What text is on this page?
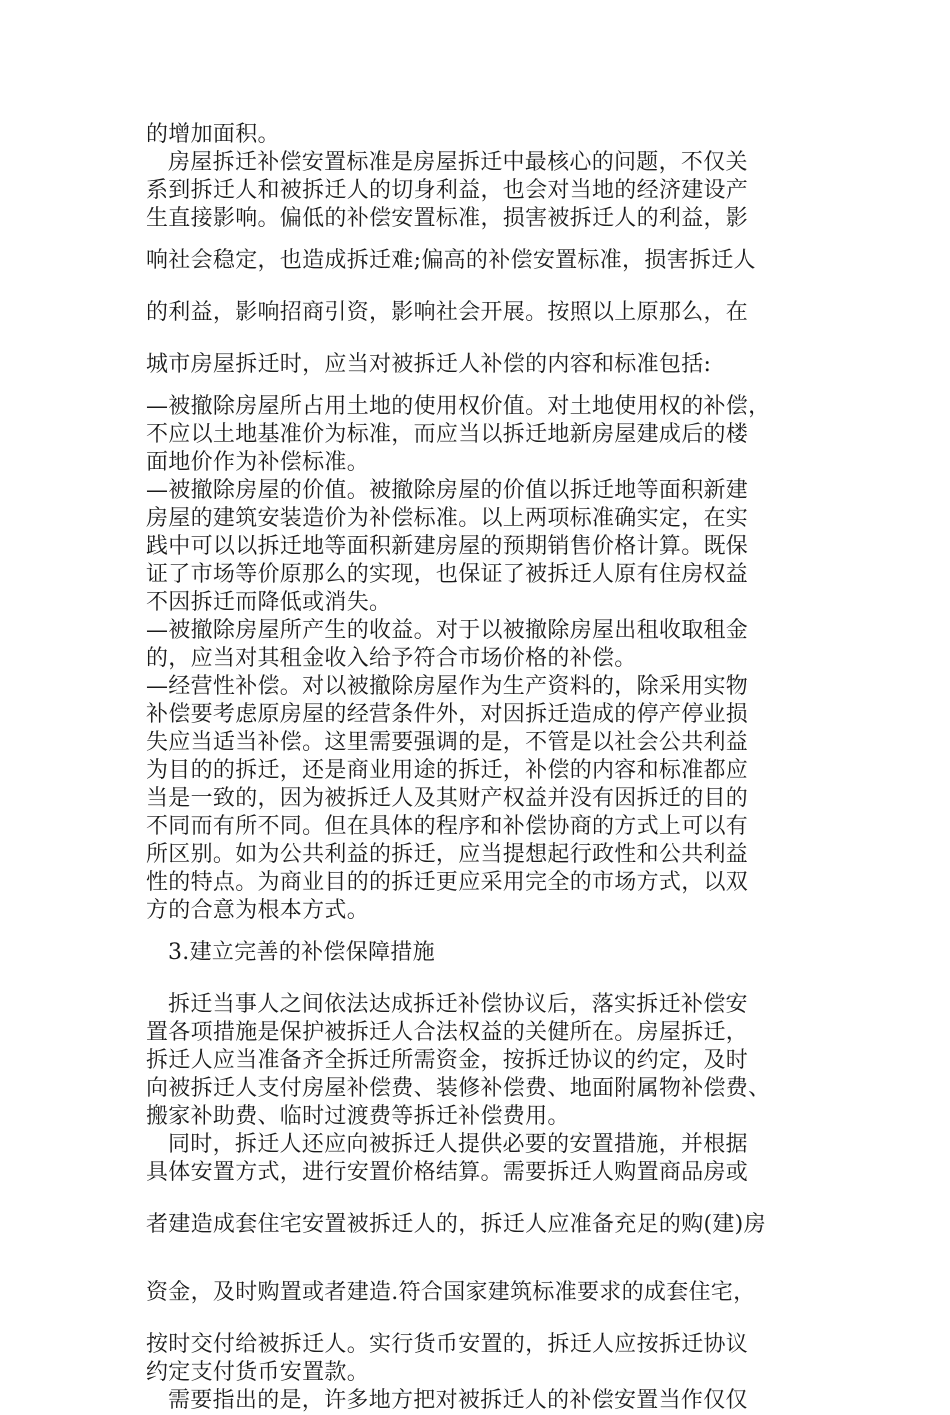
的增加面积。
房屋拆迁补偿安置标准是房屋拆迁中最核心的问题，不仅关
系到拆迁人和被拆迁人的切身利益，也会对当地的经济建设产
生直接影响。偏低的补偿安置标准，损害被拆迁人的利益，影
响社会稳定，也造成拆迁难;偏高的补偿安置标准，损害拆迁人
的利益，影响招商引资，影响社会开展。按照以上原那么，在
城市房屋拆迁时，应当对被拆迁人补偿的内容和标准包括:
—被撤除房屋所占用土地的使用权价值。对土地使用权的补偿，
不应以土地基准价为标准，而应当以拆迁地新房屋建成后的楼
面地价作为补偿标准。
—被撤除房屋的价值。被撤除房屋的价值以拆迁地等面积新建
房屋的建筑安装造价为补偿标准。以上两项标准确实定，在实
践中可以以拆迁地等面积新建房屋的预期销售价格计算。既保
证了市场等价原那么的实现，也保证了被拆迁人原有住房权益
不因拆迁而降低或消失。
—被撤除房屋所产生的收益。对于以被撤除房屋出租收取租金
的，应当对其租金收入给予符合市场价格的补偿。
—经营性补偿。对以被撤除房屋作为生产资料的，除采用实物
补偿要考虑原房屋的经营条件外，对因拆迁造成的停产停业损
失应当适当补偿。这里需要强调的是，不管是以社会公共利益
为目的的拆迁，还是商业用途的拆迁，补偿的内容和标准都应
当是一致的，因为被拆迁人及其财产权益并没有因拆迁的目的
不同而有所不同。但在具体的程序和补偿协商的方式上可以有
所区别。如为公共利益的拆迁，应当提想起行政性和公共利益
性的特点。为商业目的的拆迁更应采用完全的市场方式，以双
方的合意为根本方式。
3.建立完善的补偿保障措施
拆迁当事人之间依法达成拆迁补偿协议后，落实拆迁补偿安
置各项措施是保护被拆迁人合法权益的关健所在。房屋拆迁，
拆迁人应当准备齐全拆迁所需资金，按拆迁协议的约定，及时
向被拆迁人支付房屋补偿费、装修补偿费、地面附属物补偿费、
搬家补助费、临时过渡费等拆迁补偿费用。
同时，拆迁人还应向被拆迁人提供必要的安置措施，并根据
具体安置方式，进行安置价格结算。需要拆迁人购置商品房或
者建造成套住宅安置被拆迁人的，拆迁人应准备充足的购(建)房
资金，及时购置或者建造.符合国家建筑标准要求的成套住宅，
按时交付给被拆迁人。实行货币安置的，拆迁人应按拆迁协议
约定支付货币安置款。
需要指出的是，许多地方把对被拆迁人的补偿安置当作仅仅
